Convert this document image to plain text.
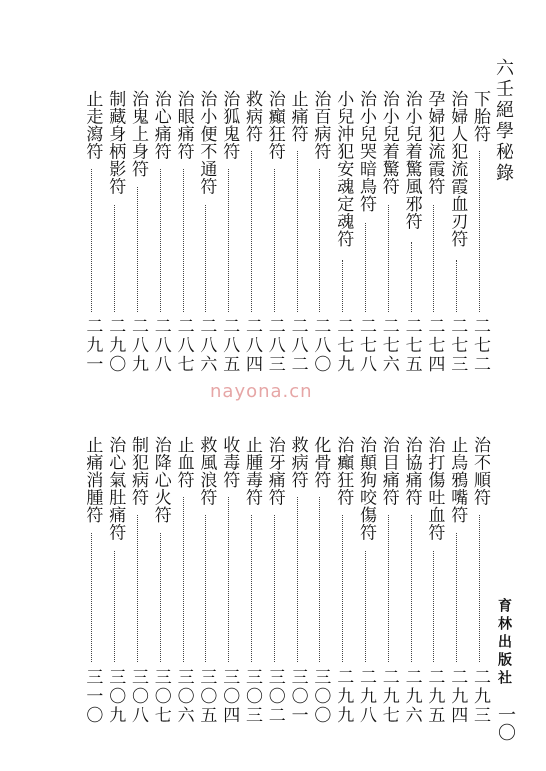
六壬絕學秘錄
育林出版社
一〇
nayona.cn
下胎符
二七二
治婦人犯流霞血刃符
二七三
孕婦犯流霞符
二七四
治小兒着驚風邪符
二七五
治小兒着驚符
二七六
治小兒哭暗鳥符
二七八
小兒沖犯安魂定魂符
二七九
治百病符
二八〇
止痛符
二八二
治癲狂符
二八三
救病符
二八四
治狐鬼符
二八五
治小便不通符
二八六
治眼痛符
二八七
治心痛符
二八八
治鬼上身符
二八九
制藏身柄影符
二九〇
止走瀉符
二九一
治不順符
二九三
止烏鴉嘴符
二九四
治打傷吐血符
二九五
治協痛符
二九六
治目痛符
二九七
治顛狗咬傷符
二九八
治癲狂符
二九九
化骨符
三〇〇
救病符
三〇一
治牙痛符
三〇二
止腫毒符
三〇三
收毒符
三〇四
救風浪符
三〇五
止血符
三〇六
治降心火符
三〇七
制犯病符
三〇八
治心氣肚痛符
三〇九
止痛消腫符
三一〇
